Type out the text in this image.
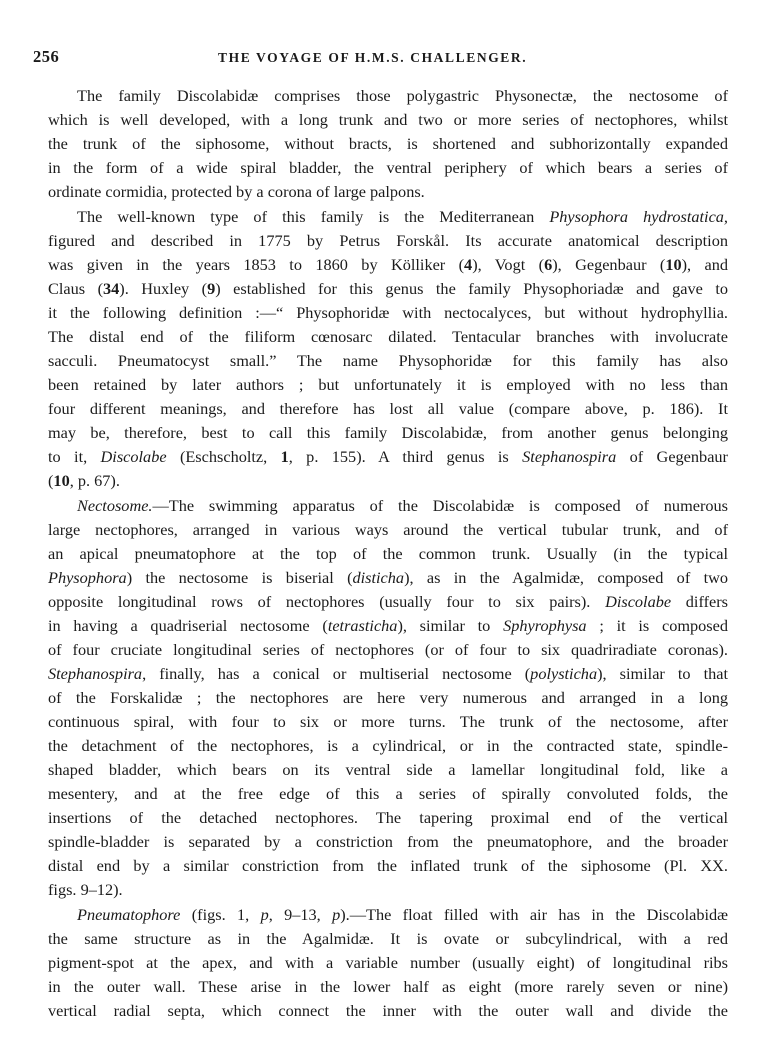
256	THE VOYAGE OF H.M.S. CHALLENGER.
The family Discolabidæ comprises those polygastric Physonectæ, the nectosome of
which is well developed, with a long trunk and two or more series of nectophores, whilst
the trunk of the siphosome, without bracts, is shortened and subhorizontally expanded
in the form of a wide spiral bladder, the ventral periphery of which bears a series of
ordinate cormidia, protected by a corona of large palpons.
The well-known type of this family is the Mediterranean Physophora hydrostatica,
figured and described in 1775 by Petrus Forskål. Its accurate anatomical description
was given in the years 1853 to 1860 by Kölliker (4), Vogt (6), Gegenbaur (10), and
Claus (34). Huxley (9) established for this genus the family Physophoriadæ and gave to
it the following definition :—“ Physophoridæ with nectocalyces, but without hydrophyllia.
The distal end of the filiform cœnosarc dilated. Tentacular branches with involucrate
sacculi. Pneumatocyst small.” The name Physophoridæ for this family has also
been retained by later authors ; but unfortunately it is employed with no less than
four different meanings, and therefore has lost all value (compare above, p. 186). It
may be, therefore, best to call this family Discolabidæ, from another genus belonging
to it, Discolabe (Eschscholtz, 1, p. 155). A third genus is Stephanospira of Gegenbaur
(10, p. 67).
Nectosome.—The swimming apparatus of the Discolabidæ is composed of numerous
large nectophores, arranged in various ways around the vertical tubular trunk, and of
an apical pneumatophore at the top of the common trunk. Usually (in the typical
Physophora) the nectosome is biserial (disticha), as in the Agalmidæ, composed of two
opposite longitudinal rows of nectophores (usually four to six pairs). Discolabe differs
in having a quadriserial nectosome (tetrasticha), similar to Sphyrophysa ; it is composed
of four cruciate longitudinal series of nectophores (or of four to six quadriradiate coronas).
Stephanospira, finally, has a conical or multiserial nectosome (polysticha), similar to that
of the Forskalidæ ; the nectophores are here very numerous and arranged in a long
continuous spiral, with four to six or more turns. The trunk of the nectosome, after
the detachment of the nectophores, is a cylindrical, or in the contracted state, spindle-
shaped bladder, which bears on its ventral side a lamellar longitudinal fold, like a
mesentery, and at the free edge of this a series of spirally convoluted folds, the
insertions of the detached nectophores. The tapering proximal end of the vertical
spindle-bladder is separated by a constriction from the pneumatophore, and the broader
distal end by a similar constriction from the inflated trunk of the siphosome (Pl. XX.
figs. 9–12).
Pneumatophore (figs. 1, p, 9–13, p).—The float filled with air has in the Discolabidæ
the same structure as in the Agalmidæ. It is ovate or subcylindrical, with a red
pigment-spot at the apex, and with a variable number (usually eight) of longitudinal ribs
in the outer wall. These arise in the lower half as eight (more rarely seven or nine)
vertical radial septa, which connect the inner with the outer wall and divide the
